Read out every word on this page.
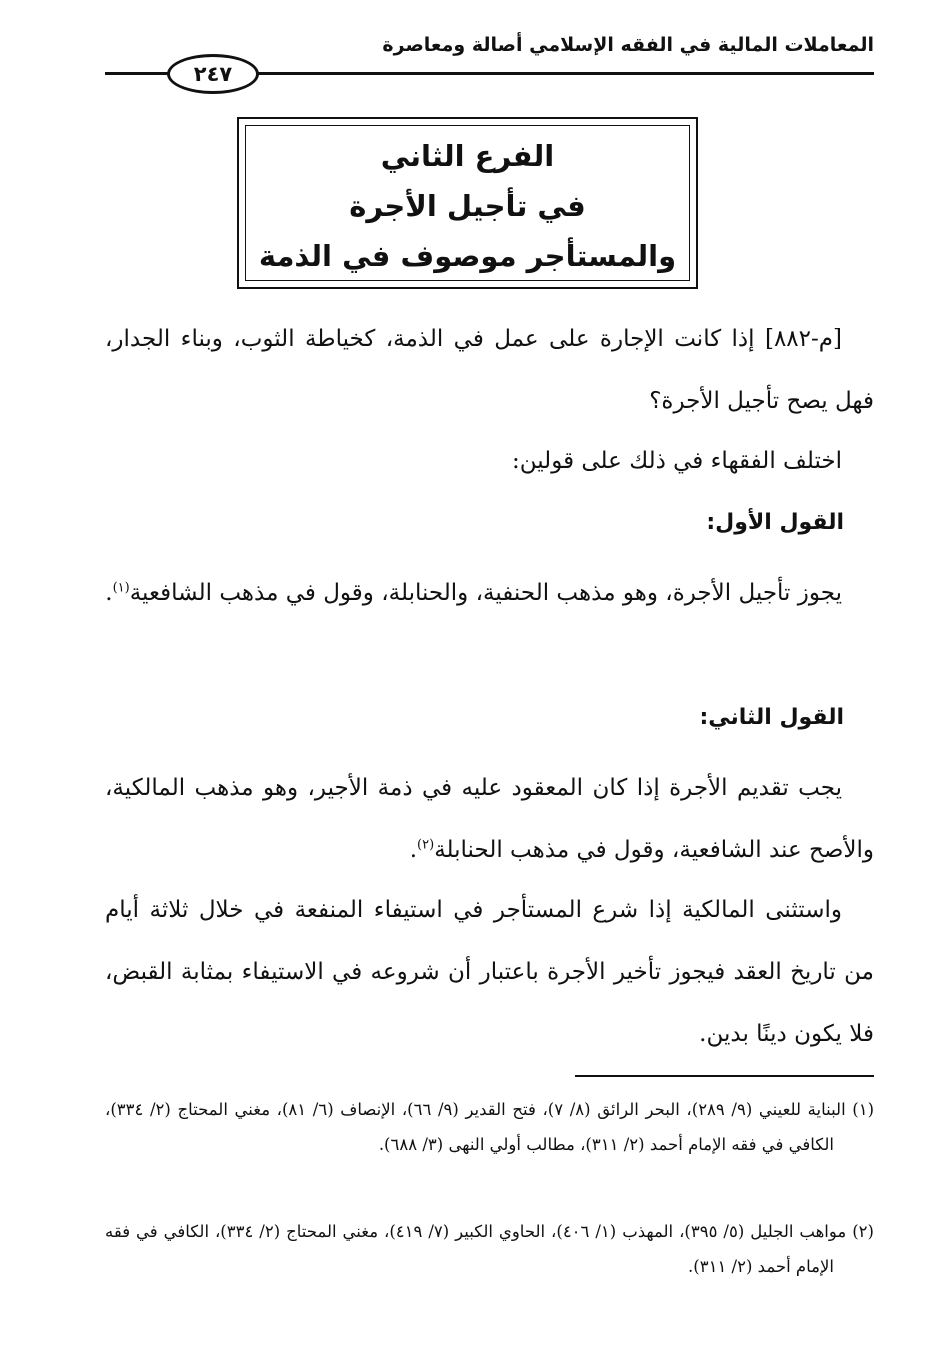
المعاملات المالية في الفقه الإسلامي أصالة ومعاصرة
٢٤٧
الفرع الثاني
في تأجيل الأجرة
والمستأجر موصوف في الذمة

[م-٨٨٢] إذا كانت الإجارة على عمل في الذمة، كخياطة الثوب، وبناء الجدار، فهل يصح تأجيل الأجرة؟

اختلف الفقهاء في ذلك على قولين:

القول الأول:

يجوز تأجيل الأجرة، وهو مذهب الحنفية، والحنابلة، وقول في مذهب الشافعية$^{(١)}$.

القول الثاني:

يجب تقديم الأجرة إذا كان المعقود عليه في ذمة الأجير، وهو مذهب المالكية، والأصح عند الشافعية، وقول في مذهب الحنابلة$^{(٢)}$.

واستثنى المالكية إذا شرع المستأجر في استيفاء المنفعة في خلال ثلاثة أيام من تاريخ العقد فيجوز تأخير الأجرة باعتبار أن شروعه في الاستيفاء بمثابة القبض، فلا يكون دينًا بدين.

(١) البناية للعيني (٩/ ٢٨٩)، البحر الرائق (٨/ ٧)، فتح القدير (٩/ ٦٦)، الإنصاف (٦/ ٨١)، مغني المحتاج (٢/ ٣٣٤)، الكافي في فقه الإمام أحمد (٢/ ٣١١)، مطالب أولي النهى (٣/ ٦٨٨).

(٢) مواهب الجليل (٥/ ٣٩٥)، المهذب (١/ ٤٠٦)، الحاوي الكبير (٧/ ٤١٩)، مغني المحتاج (٢/ ٣٣٤)، الكافي في فقه الإمام أحمد (٢/ ٣١١).
